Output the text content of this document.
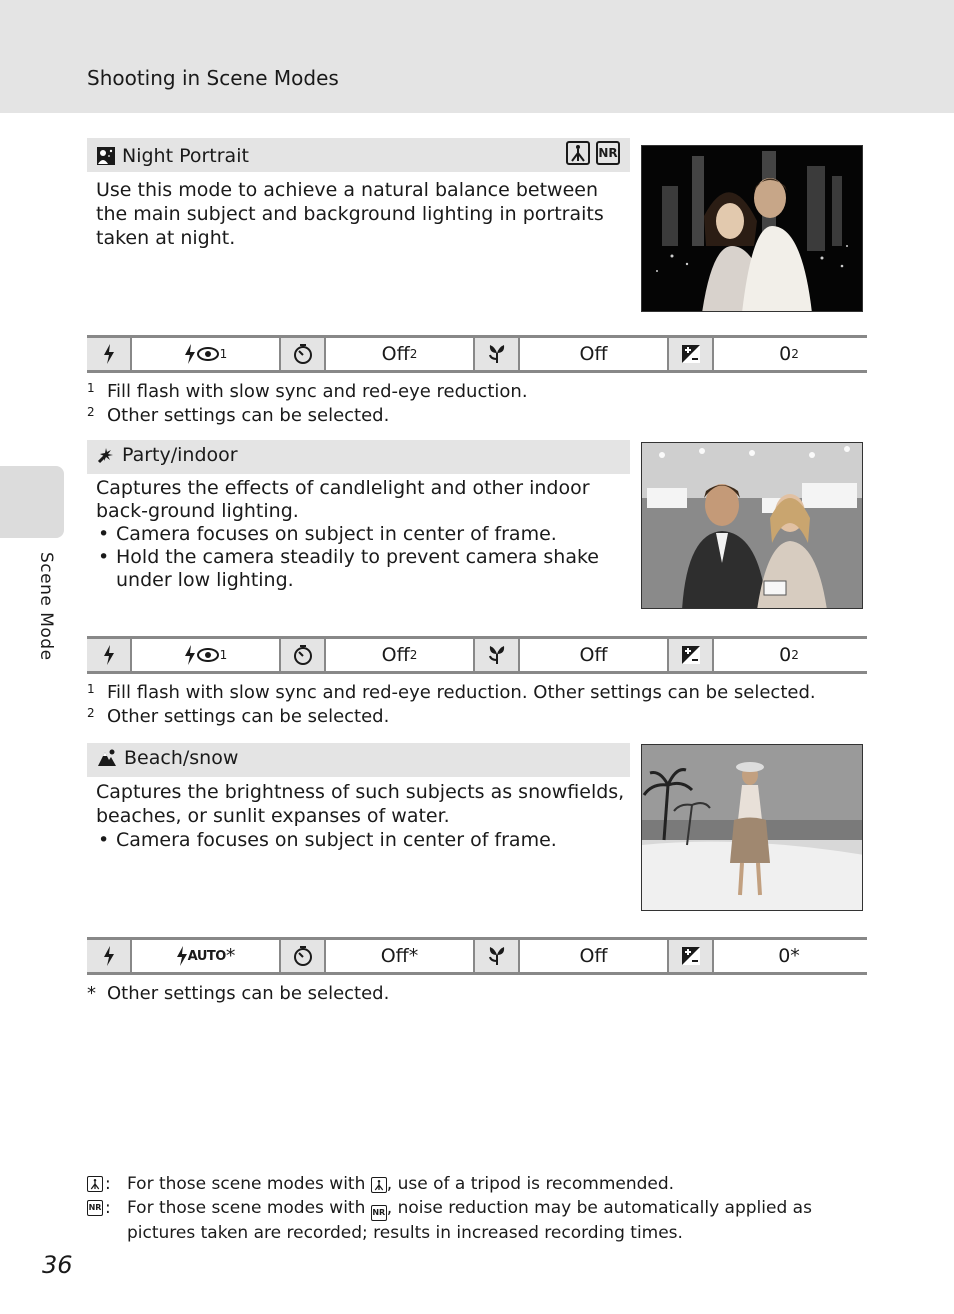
Shooting in Scene Modes
Scene Mode
Night Portrait	NR
Use this mode to achieve a natural balance between the main subject and background lighting in portraits taken at night.
1	Off 2	Off	0 2
1 Fill flash with slow sync and red-eye reduction.
2 Other settings can be selected.
Party/indoor
Captures the effects of candlelight and other indoor back-ground lighting.
• Camera focuses on subject in center of frame.
• Hold the camera steadily to prevent camera shake under low lighting.
1	Off 2	Off	0 2
1 Fill flash with slow sync and red-eye reduction. Other settings can be selected.
2 Other settings can be selected.
Beach/snow
Captures the brightness of such subjects as snowfields, beaches, or sunlit expanses of water.
• Camera focuses on subject in center of frame.
AUTO *	Off*	Off	0*
* Other settings can be selected.
: For those scene modes with , use of a tripod is recommended.
NR : For those scene modes with NR, noise reduction may be automatically applied as pictures taken are recorded; results in increased recording times.
36
